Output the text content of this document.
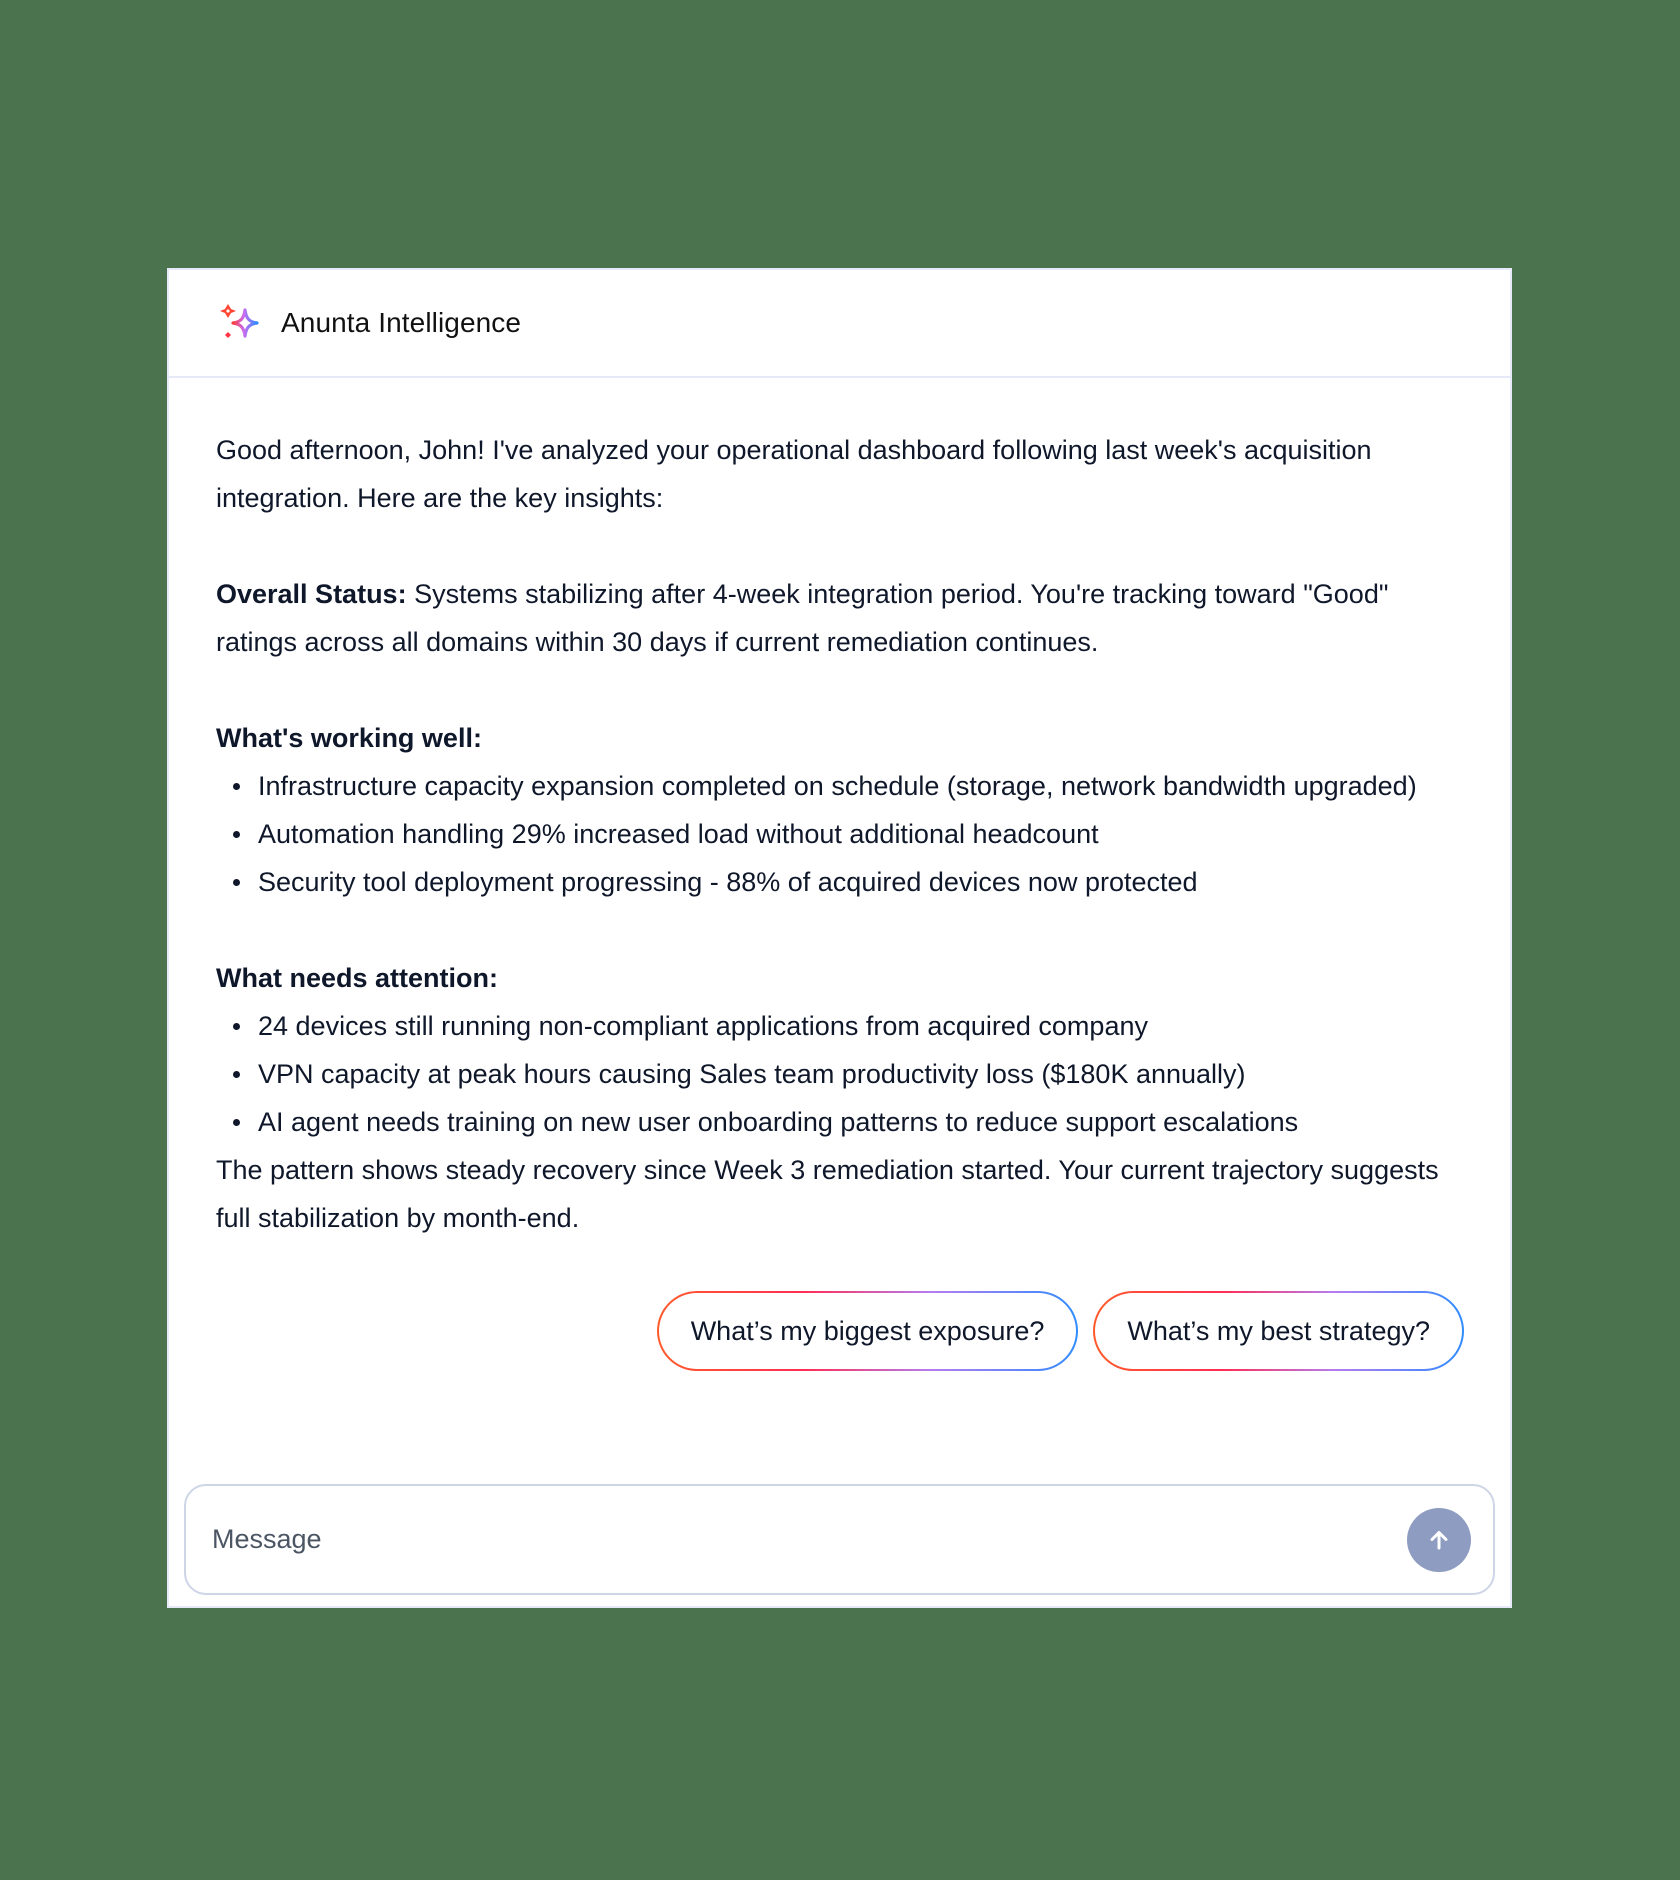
Anunta Intelligence

Good afternoon, John! I've analyzed your operational dashboard following last week's acquisition integration. Here are the key insights:

Overall Status: Systems stabilizing after 4-week integration period. You're tracking toward "Good" ratings across all domains within 30 days if current remediation continues.

What's working well:

Infrastructure capacity expansion completed on schedule (storage, network bandwidth upgraded)
Automation handling 29% increased load without additional headcount
Security tool deployment progressing - 88% of acquired devices now protected

What needs attention:

24 devices still running non-compliant applications from acquired company
VPN capacity at peak hours causing Sales team productivity loss ($180K annually)
AI agent needs training on new user onboarding patterns to reduce support escalations

The pattern shows steady recovery since Week 3 remediation started. Your current trajectory suggests full stabilization by month-end.

What’s my biggest exposure?	What’s my best strategy?
Message
